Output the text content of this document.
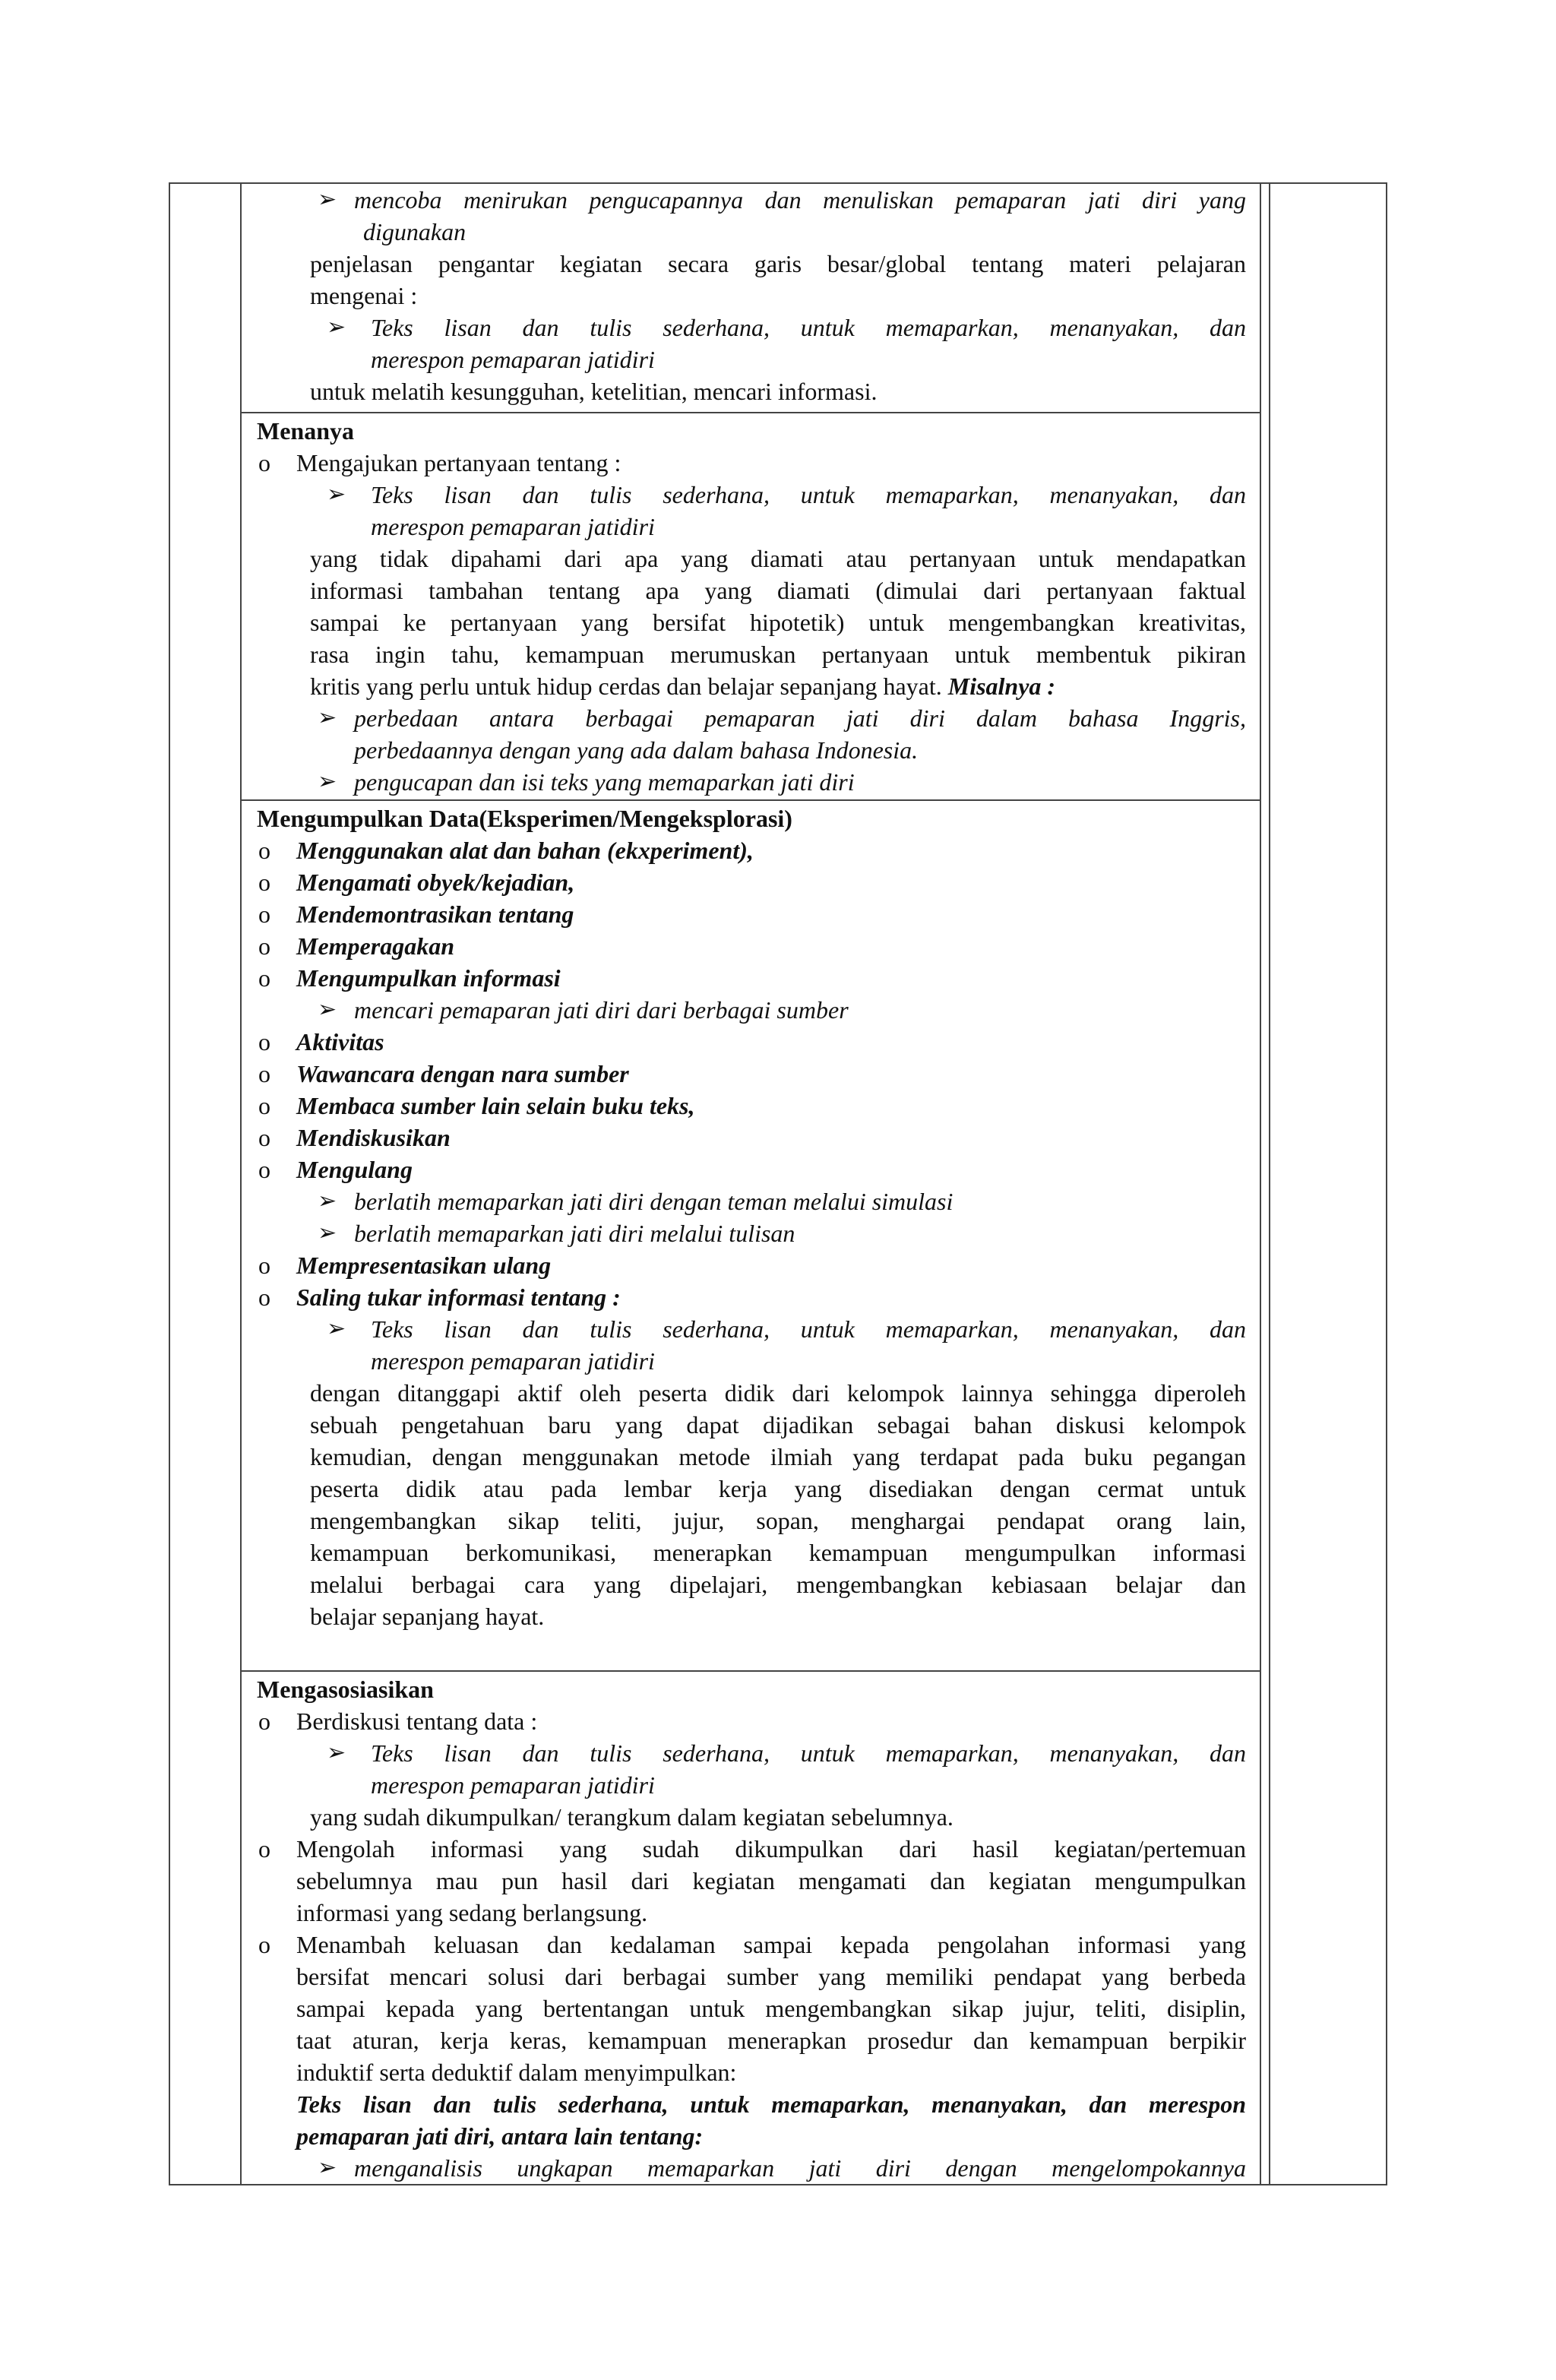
➢ mencoba menirukan pengucapannya dan menuliskan pemaparan jati diri yang

digunakan

penjelasan pengantar kegiatan secara garis besar/global tentang materi pelajaran

mengenai :

➢ Teks lisan dan tulis sederhana, untuk memaparkan, menanyakan, dan

merespon pemaparan jatidiri

untuk melatih kesungguhan, ketelitian, mencari informasi.

Menanya

o Mengajukan pertanyaan tentang :

➢ Teks lisan dan tulis sederhana, untuk memaparkan, menanyakan, dan

merespon pemaparan jatidiri

yang tidak dipahami dari apa yang diamati atau pertanyaan untuk mendapatkan

informasi tambahan tentang apa yang diamati (dimulai dari pertanyaan faktual

sampai ke pertanyaan yang bersifat hipotetik) untuk mengembangkan kreativitas,

rasa ingin tahu, kemampuan merumuskan pertanyaan untuk membentuk pikiran

kritis yang perlu untuk hidup cerdas dan belajar sepanjang hayat. Misalnya :

➢ perbedaan antara berbagai pemaparan jati diri dalam bahasa Inggris,

perbedaannya dengan yang ada dalam bahasa Indonesia.

➢ pengucapan dan isi teks yang memaparkan jati diri

Mengumpulkan Data(Eksperimen/Mengeksplorasi)

o Menggunakan alat dan bahan (ekxperiment),

o Mengamati obyek/kejadian,

o Mendemontrasikan tentang

o Memperagakan

o Mengumpulkan informasi

➢ mencari pemaparan jati diri dari berbagai sumber

o Aktivitas

o Wawancara dengan nara sumber

o Membaca sumber lain selain buku teks,

o Mendiskusikan

o Mengulang

➢ berlatih memaparkan jati diri dengan teman melalui simulasi

➢ berlatih memaparkan jati diri melalui tulisan

o Mempresentasikan ulang

o Saling tukar informasi tentang :

➢ Teks lisan dan tulis sederhana, untuk memaparkan, menanyakan, dan

merespon pemaparan jatidiri

dengan ditanggapi aktif oleh peserta didik dari kelompok lainnya sehingga diperoleh

sebuah pengetahuan baru yang dapat dijadikan sebagai bahan diskusi kelompok

kemudian, dengan menggunakan metode ilmiah yang terdapat pada buku pegangan

peserta didik atau pada lembar kerja yang disediakan dengan cermat untuk

mengembangkan sikap teliti, jujur, sopan, menghargai pendapat orang lain,

kemampuan berkomunikasi, menerapkan kemampuan mengumpulkan informasi

melalui berbagai cara yang dipelajari, mengembangkan kebiasaan belajar dan

belajar sepanjang hayat.

Mengasosiasikan

o Berdiskusi tentang data :

➢ Teks lisan dan tulis sederhana, untuk memaparkan, menanyakan, dan

merespon pemaparan jatidiri

yang sudah dikumpulkan/ terangkum dalam kegiatan sebelumnya.

o Mengolah informasi yang sudah dikumpulkan dari hasil kegiatan/pertemuan

sebelumnya mau pun hasil dari kegiatan mengamati dan kegiatan mengumpulkan

informasi yang sedang berlangsung.

o Menambah keluasan dan kedalaman sampai kepada pengolahan informasi yang

bersifat mencari solusi dari berbagai sumber yang memiliki pendapat yang berbeda

sampai kepada yang bertentangan untuk mengembangkan sikap jujur, teliti, disiplin,

taat aturan, kerja keras, kemampuan menerapkan prosedur dan kemampuan berpikir

induktif serta deduktif dalam menyimpulkan:

Teks lisan dan tulis sederhana, untuk memaparkan, menanyakan, dan merespon

pemaparan jati diri, antara lain tentang:

➢ menganalisis ungkapan memaparkan jati diri dengan mengelompokannya
